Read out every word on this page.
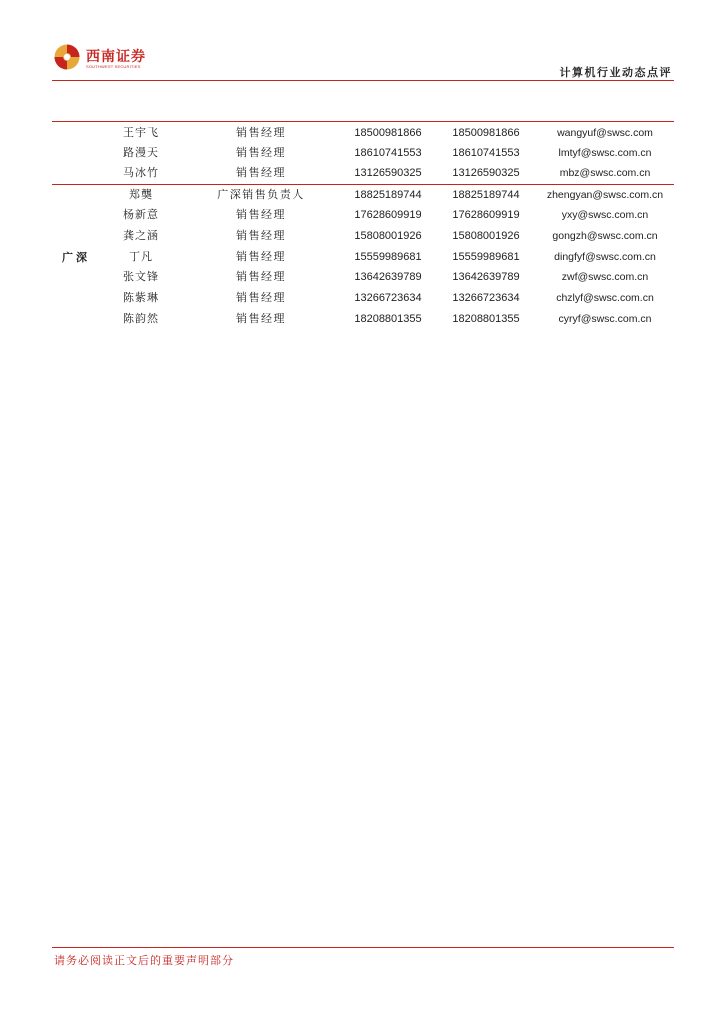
西南证券
SOUTHWEST SECURITIES	计算机行业动态点评
王宇飞	销售经理	18500981866	18500981866	wangyuf@swsc.com
路漫天	销售经理	18610741553	18610741553	lmtyf@swsc.com.cn
马冰竹	销售经理	13126590325	13126590325	mbz@swsc.com.cn
广深
郑龑	广深销售负责人	18825189744	18825189744	zhengyan@swsc.com.cn
杨新意	销售经理	17628609919	17628609919	yxy@swsc.com.cn
龚之涵	销售经理	15808001926	15808001926	gongzh@swsc.com.cn
丁凡	销售经理	15559989681	15559989681	dingfyf@swsc.com.cn
张文锋	销售经理	13642639789	13642639789	zwf@swsc.com.cn
陈紫琳	销售经理	13266723634	13266723634	chzlyf@swsc.com.cn
陈韵然	销售经理	18208801355	18208801355	cyryf@swsc.com.cn
请务必阅读正文后的重要声明部分
